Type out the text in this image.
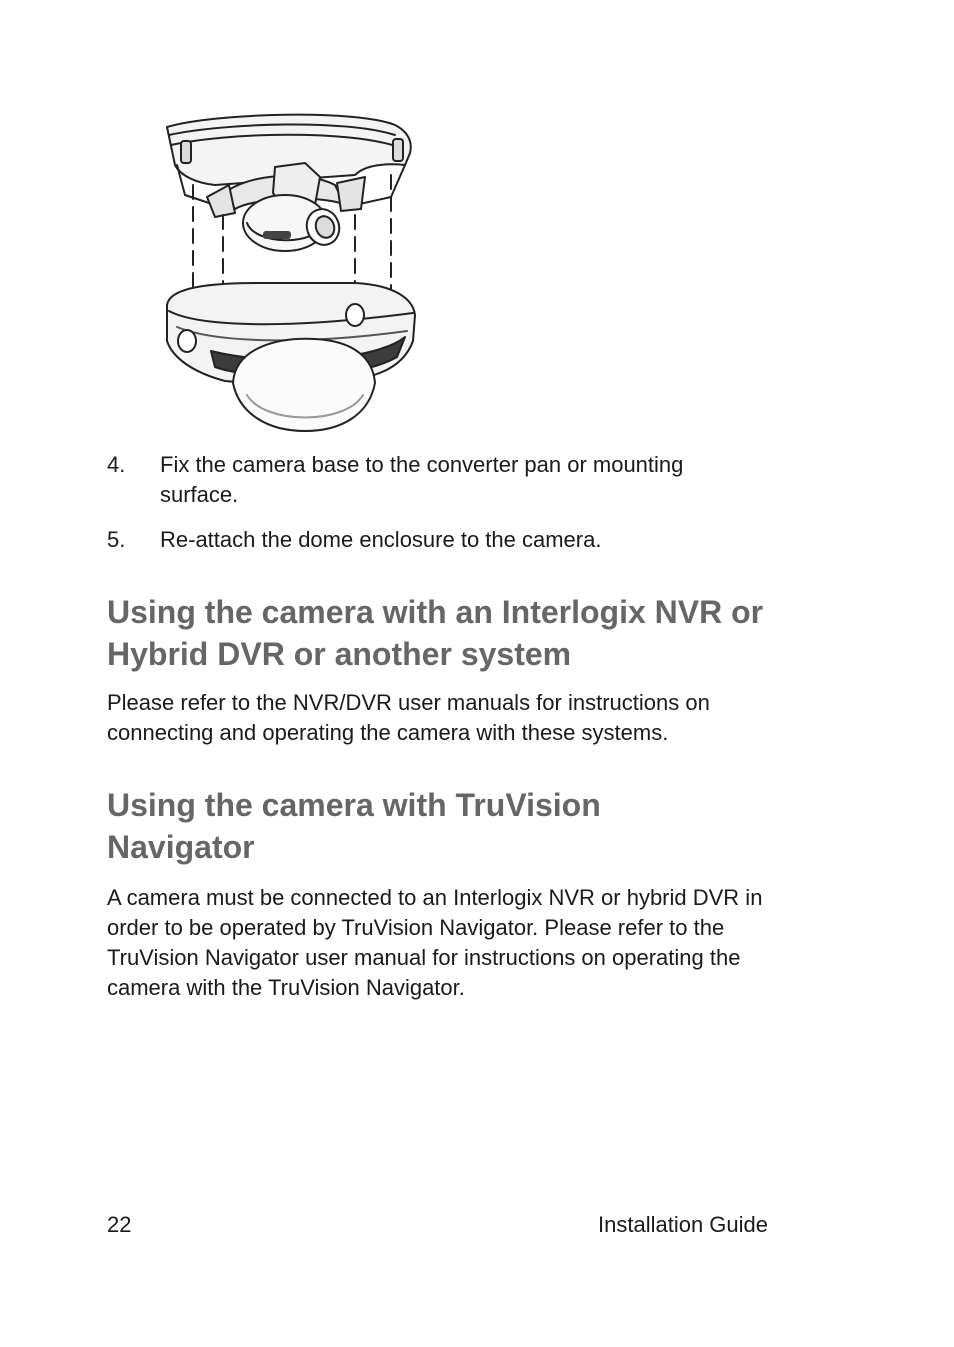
4. Fix the camera base to the converter pan or mounting surface.
5. Re-attach the dome enclosure to the camera.
Using the camera with an Interlogix NVR or Hybrid DVR or another system
Please refer to the NVR/DVR user manuals for instructions on connecting and operating the camera with these systems.
Using the camera with TruVision Navigator
A camera must be connected to an Interlogix NVR or hybrid DVR in order to be operated by TruVision Navigator. Please refer to the TruVision Navigator user manual for instructions on operating the camera with the TruVision Navigator.
22	Installation Guide
